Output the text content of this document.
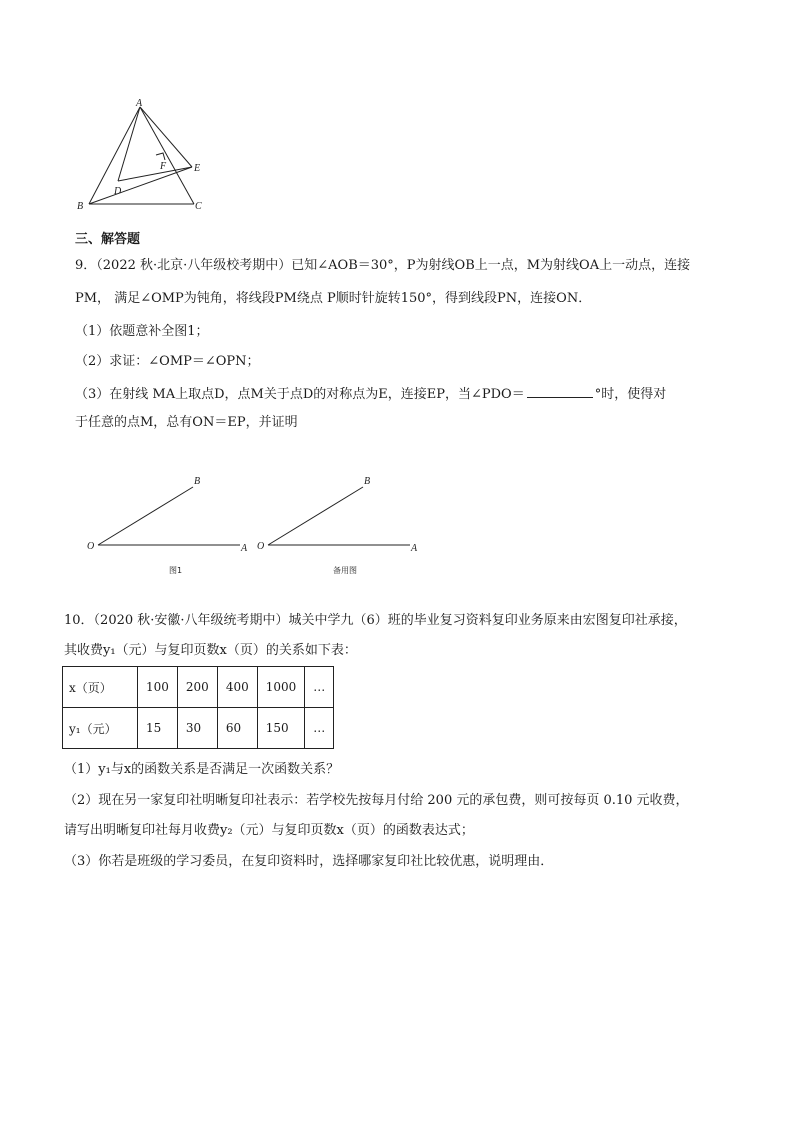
A
B	C
D
E
F
三、解答题
9．（2022 秋·北京·八年级校考期中）已知∠AOB＝30°，P为射线OB上一点，M为射线OA上一动点，连接
PM， 满足∠OMP为钝角，将线段PM绕点 P顺时针旋转150°，得到线段PN，连接ON．
（1）依题意补全图1；
（2）求证：∠OMP＝∠OPN；
（3）在射线 MA上取点D，点M关于点D的对称点为E，连接EP，当∠PDO＝	°时，使得对
于任意的点M，总有ON＝EP，并证明
O	A
B
图1
O	A
B
备用图
10．（2020 秋·安徽·八年级统考期中）城关中学九（6）班的毕业复习资料复印业务原来由宏图复印社承接，
其收费y₁（元）与复印页数x（页）的关系如下表：
x（页）	100	200	400	1000	…
y₁（元）	15	30	60	150	…
（1）y₁与x的函数关系是否满足一次函数关系？
（2）现在另一家复印社明晰复印社表示：若学校先按每月付给 200 元的承包费，则可按每页 0.10 元收费，
请写出明晰复印社每月收费y₂（元）与复印页数x（页）的函数表达式；
（3）你若是班级的学习委员，在复印资料时，选择哪家复印社比较优惠，说明理由．
